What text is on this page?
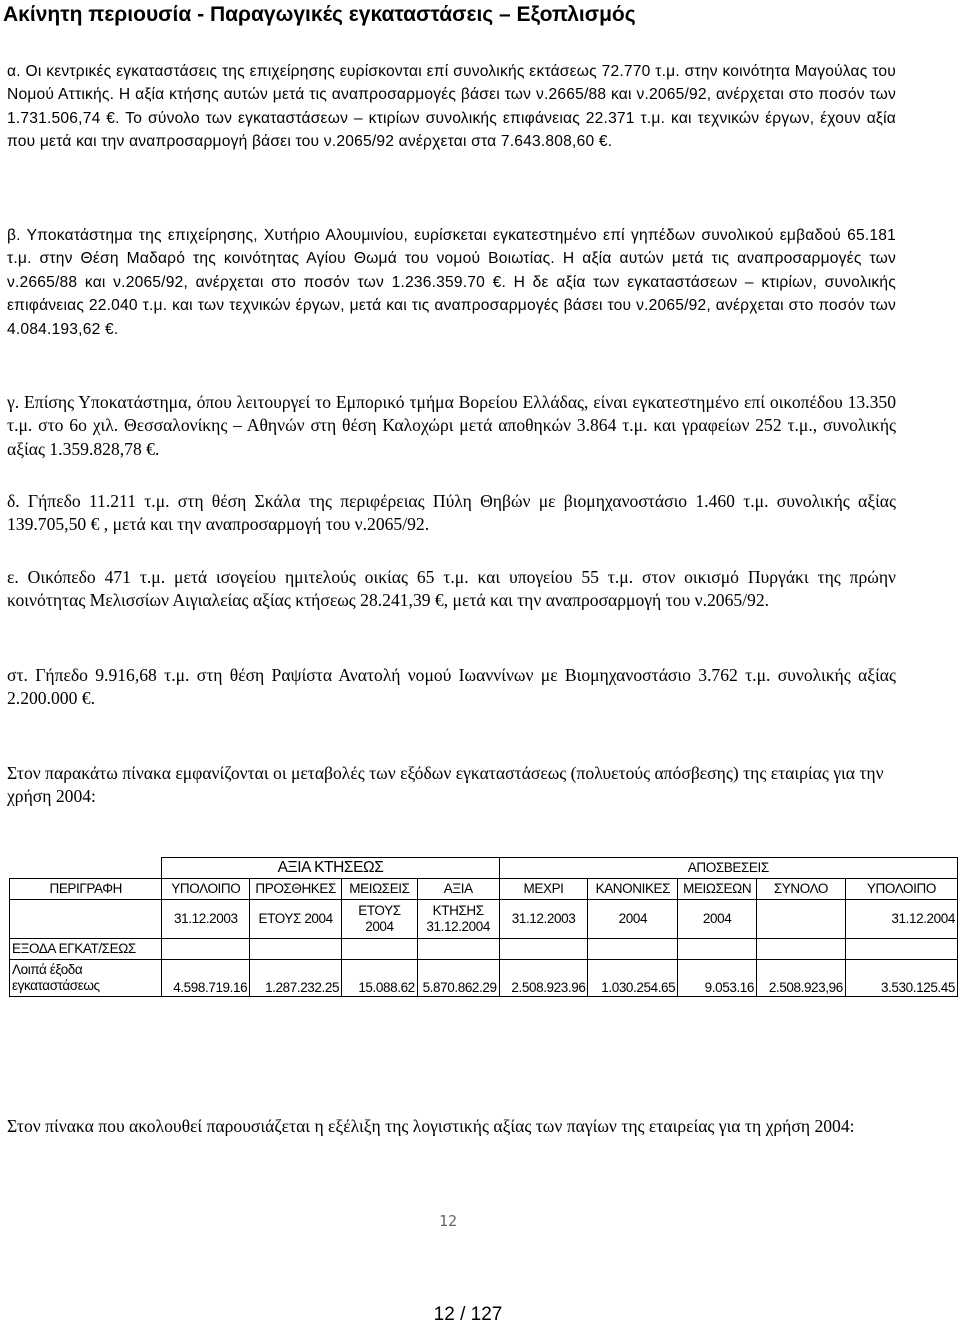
Ακίνητη περιουσία - Παραγωγικές εγκαταστάσεις – Εξοπλισμός
α. Οι κεντρικές εγκαταστάσεις της επιχείρησης ευρίσκονται επί συνολικής εκτάσεως 72.770 τ.μ. στην κοινότητα Μαγούλας του Νομού Αττικής. Η αξία κτήσης αυτών μετά τις αναπροσαρμογές βάσει των ν.2665/88 και ν.2065/92, ανέρχεται στο ποσόν των 1.731.506,74 €. Το σύνολο των εγκαταστάσεων – κτιρίων συνολικής επιφάνειας 22.371 τ.μ. και τεχνικών έργων, έχουν αξία που μετά και την αναπροσαρμογή βάσει του ν.2065/92 ανέρχεται στα 7.643.808,60 €.
β. Υποκατάστημα της επιχείρησης, Χυτήριο Αλουμινίου, ευρίσκεται εγκατεστημένο επί γηπέδων συνολικού εμβαδού 65.181 τ.μ. στην Θέση Μαδαρό της κοινότητας Αγίου Θωμά του νομού Βοιωτίας. Η αξία αυτών μετά τις αναπροσαρμογές των ν.2665/88 και ν.2065/92, ανέρχεται στο ποσόν των 1.236.359.70 €. Η δε αξία των εγκαταστάσεων – κτιρίων, συνολικής επιφάνειας 22.040 τ.μ. και των τεχνικών έργων, μετά και τις αναπροσαρμογές βάσει του ν.2065/92, ανέρχεται στο ποσόν των 4.084.193,62 €.
γ. Επίσης Υποκατάστημα, όπου λειτουργεί το Εμπορικό τμήμα Βορείου Ελλάδας, είναι εγκατεστημένο επί οικοπέδου 13.350 τ.μ. στο 6ο χιλ. Θεσσαλονίκης – Αθηνών στη θέση Καλοχώρι μετά αποθηκών 3.864 τ.μ. και γραφείων 252 τ.μ., συνολικής αξίας 1.359.828,78 €.
δ. Γήπεδο 11.211 τ.μ. στη θέση Σκάλα της περιφέρειας Πύλη Θηβών με βιομηχανοστάσιο 1.460 τ.μ. συνολικής αξίας 139.705,50 € , μετά και την αναπροσαρμογή του ν.2065/92.
ε. Οικόπεδο 471 τ.μ. μετά ισογείου ημιτελούς οικίας 65 τ.μ. και υπογείου 55 τ.μ. στον οικισμό Πυργάκι της πρώην κοινότητας Μελισσίων Αιγιαλείας αξίας κτήσεως 28.241,39 €, μετά και την αναπροσαρμογή του ν.2065/92.
στ. Γήπεδο 9.916,68 τ.μ. στη θέση Ραψίστα Ανατολή νομού Ιωαννίνων με Βιομηχανοστάσιο 3.762 τ.μ. συνολικής αξίας 2.200.000 €.
Στον παρακάτω πίνακα εμφανίζονται οι μεταβολές των εξόδων εγκαταστάσεως (πολυετούς απόσβεσης) της εταιρίας για την χρήση 2004:
	ΑΞΙΑ ΚΤΗΣΕΩΣ				ΑΠΟΣΒΕΣΕΙΣ				
ΠΕΡΙΓΡΑΦΗ	ΥΠΟΛΟΙΠΟ	ΠΡΟΣΘΗΚΕΣ	ΜΕΙΩΣΕΙΣ	ΑΞΙΑ	ΜΕΧΡΙ	ΚΑΝΟΝΙΚΕΣ	ΜΕΙΩΣΕΩΝ	ΣΥΝΟΛΟ	ΥΠΟΛΟΙΠΟ
	31.12.2003	ΕΤΟΥΣ 2004	ΕΤΟΥΣ 2004	ΚΤΗΣΗΣ 31.12.2004	31.12.2003	2004	2004		31.12.2004
ΕΞΟΔΑ ΕΓΚΑΤ/ΣΕΩΣ									
Λοιπά έξοδα εγκαταστάσεως	4.598.719.16	1.287.232.25	15.088.62	5.870.862.29	2.508.923.96	1.030.254.65	9.053.16	2.508.923,96	3.530.125.45
Στον πίνακα που ακολουθεί παρουσιάζεται η εξέλιξη της λογιστικής αξίας των παγίων της εταιρείας για τη χρήση 2004:
12
12 / 127
